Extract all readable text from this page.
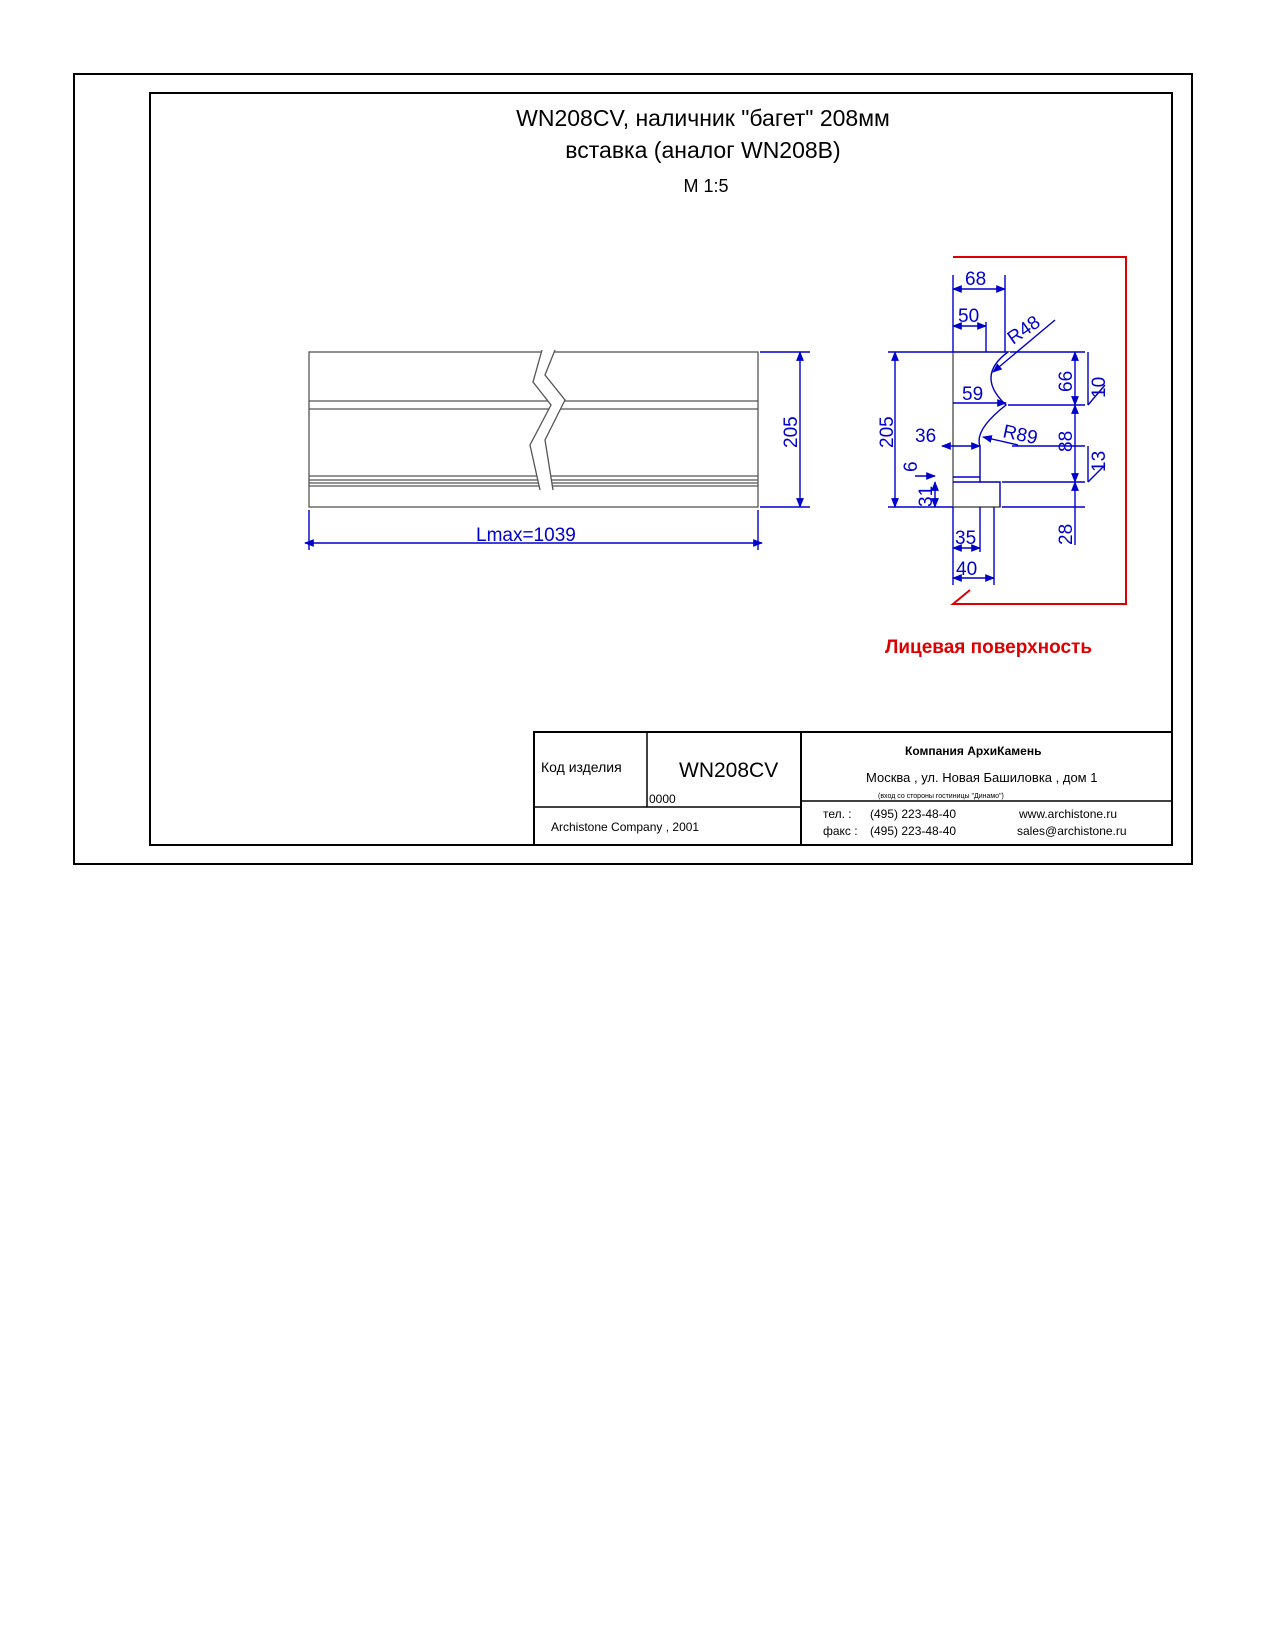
WN208CV, наличник "багет" 208мм
вставка (аналог WN208B)
М 1:5
205
Lmax=1039
68
50 R48
205
59
36	R89
6
31
66
88
28
10
13
35
40
Лицевая поверхность
Код изделия	WN208CV
0000
Archistone Company , 2001
Компания АрхиКамень
Москва , ул. Новая Башиловка , дом 1
(вход со стороны гостиницы "Динамо")
тел. : (495) 223-48-40
факс : (495) 223-48-40
www.archistone.ru
sales@archistone.ru
